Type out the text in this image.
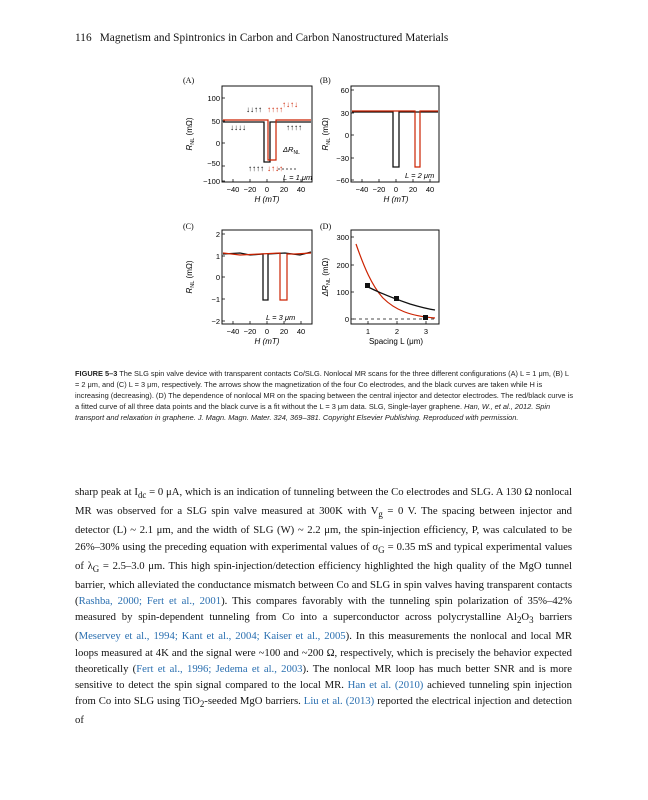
116 Magnetism and Spintronics in Carbon and Carbon Nanostructured Materials
(A)
100
50
0
−50
−100
−40 −20 0 20 40
H (mT)
$R_{NL}$ (mΩ)
↓↓↑↑ ↑↑↑↑
↑↓↑↓
↓↓↓↓	↑↑↑↑
↑↑↑↑ ↓↑↓↑
$\Delta R_{NL}$
L = 1 μm
(B)
60
30
0
−30
−60
−40 −20 0 20 40
H (mT)
$R_{NL}$ (mΩ)
L = 2 μm
(C)
2
1
0
−1
−2
−40 −20 0 20 40
H (mT)
$R_{NL}$ (mΩ)
L = 3 μm
(D)
300
200
100
0
1	2	3
Spacing L (μm)
$\Delta R_{NL}$ (mΩ)

FIGURE 5–3 The SLG spin valve device with transparent contacts Co/SLG. Nonlocal MR scans for the three different configurations (A) L = 1 μm, (B) L = 2 μm, and (C) L = 3 μm, respectively. The arrows show the magnetization of the four Co electrodes, and the black curves are taken while H is increasing (decreasing). (D) The dependence of nonlocal MR on the spacing between the central injector and detector electrodes. The red/black curve is a fitted curve of all three data points and the black curve is a fit without the L = 3 μm data. SLG, Single-layer graphene. Han, W., et al., 2012. Spin transport and relaxation in graphene. J. Magn. Magn. Mater. 324, 369–381. Copyright Elsevier Publishing. Reproduced with permission.

sharp peak at $I_{dc} = 0$ μA, which is an indication of tunneling between the Co electrodes and SLG. A 130 Ω nonlocal MR was observed for a SLG spin valve measured at 300K with $V_g = 0$ V. The spacing between injector and detector (L) ~ 2.1 μm, and the width of SLG (W) ~ 2.2 μm, the spin-injection efficiency, P, was calculated to be 26%–30% using the preceding equation with experimental values of $\sigma_G = 0.35$ mS and typical experimental values of $\lambda_G = 2.5-3.0$ μm. This high spin-injection/detection efficiency highlighted the high quality of the MgO tunnel barrier, which alleviated the conductance mismatch between Co and SLG in spin valves having transparent contacts (Rashba, 2000; Fert et al., 2001). This compares favorably with the tunneling spin polarization of 35%–42% measured by spin-dependent tunneling from Co into a superconductor across polycrystalline $Al_2O_3$ barriers (Meservey et al., 1994; Kant et al., 2004; Kaiser et al., 2005). In this measurements the nonlocal and local MR loops measured at 4K and the signal were ~100 and ~200 Ω, respectively, which is precisely the behavior expected theoretically (Fert et al., 1996; Jedema et al., 2003). The nonlocal MR loop has much better SNR and is more sensitive to detect the spin signal compared to the local MR. Han et al. (2010) achieved tunneling spin injection from Co into SLG using TiO$_2$-seeded MgO barriers. Liu et al. (2013) reported the electrical injection and detection of
